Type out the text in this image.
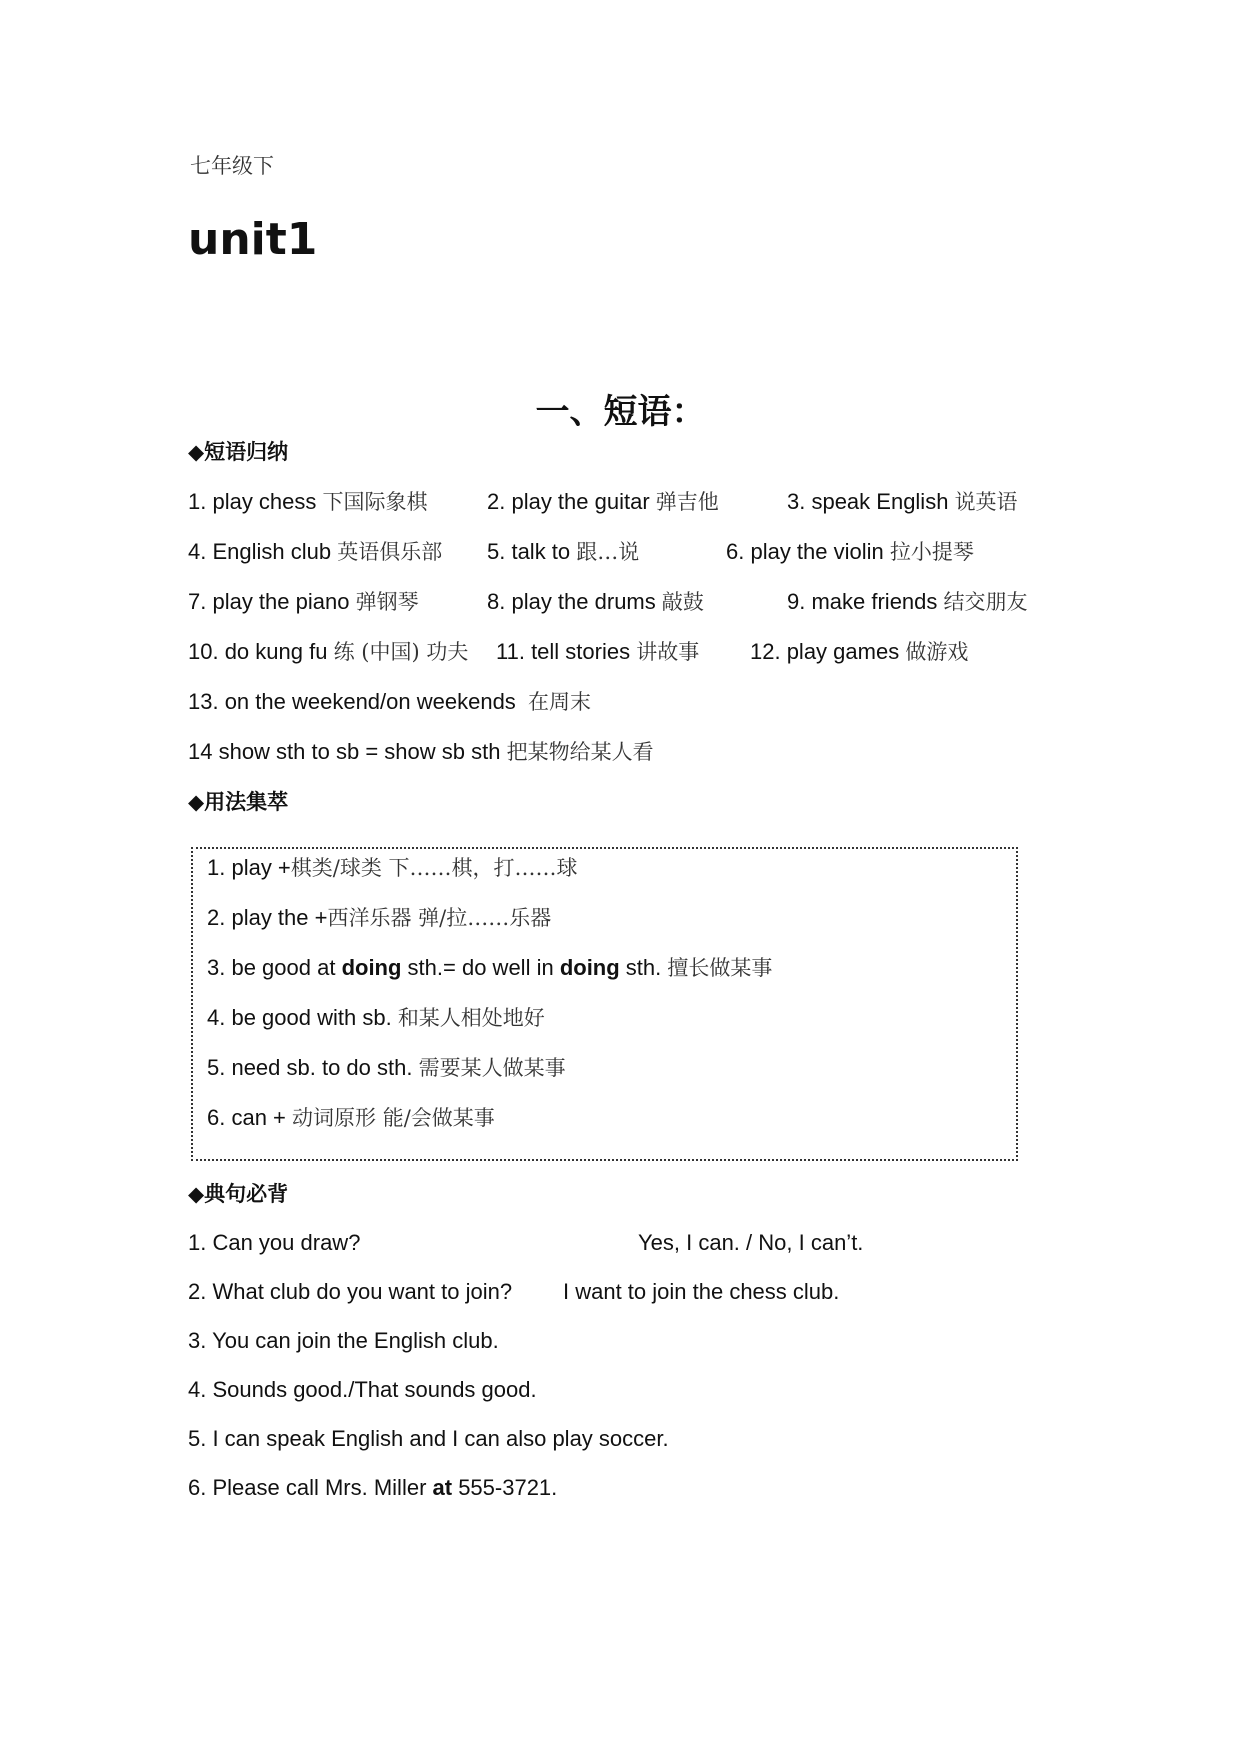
七年级下
unit1
一、短语：
◆短语归纳
1. play chess 下国际象棋	2. play the guitar 弹吉他	3. speak English 说英语
4. English club 英语俱乐部 5. talk to 跟…说	6. play the violin 拉小提琴
7. play the piano 弹钢琴	8. play the drums 敲鼓	9. make friends 结交朋友
10. do kung fu 练 (中国) 功夫 11. tell stories 讲故事 12. play games 做游戏
13. on the weekend/on weekends 在周末
14 show sth to sb = show sb sth 把某物给某人看
◆用法集萃
1. play +棋类/球类 下……棋，打……球
2. play the +西洋乐器 弹/拉……乐器
3. be good at doing sth.= do well in doing sth. 擅长做某事
4. be good with sb. 和某人相处地好
5. need sb. to do sth. 需要某人做某事
6. can + 动词原形 能/会做某事
◆典句必背
1. Can you draw?	Yes, I can. / No, I can’t.
2. What club do you want to join? I want to join the chess club.
3. You can join the English club.
4. Sounds good./That sounds good.
5. I can speak English and I can also play soccer.
6. Please call Mrs. Miller at 555-3721.
